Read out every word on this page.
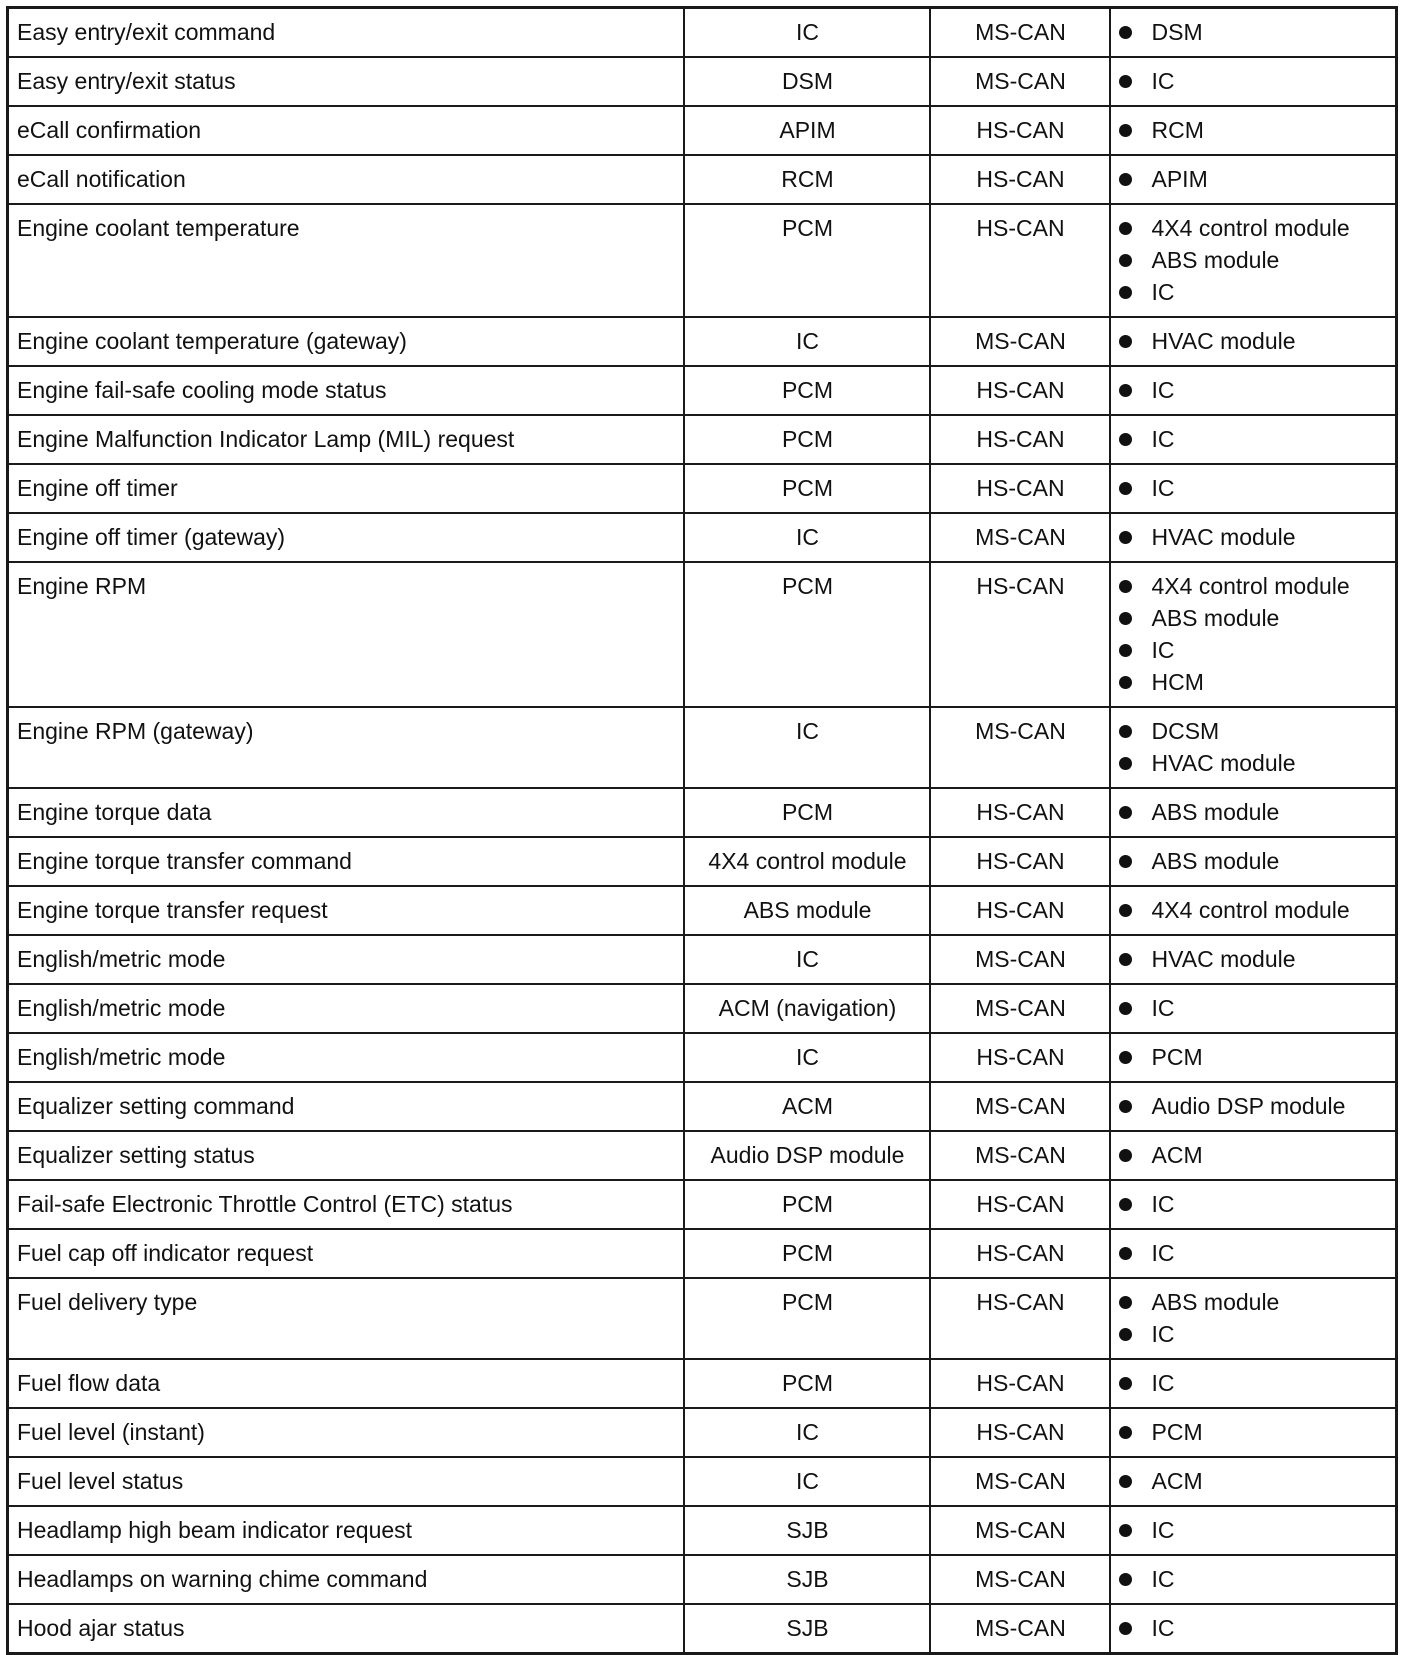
Easy entry/exit command	IC	MS-CAN	DSM

Easy entry/exit status	DSM	MS-CAN	IC

eCall confirmation	APIM	HS-CAN	RCM

eCall notification	RCM	HS-CAN	APIM

Engine coolant temperature	PCM	HS-CAN	4X4 control module
ABS module
IC

Engine coolant temperature (gateway)	IC	MS-CAN	HVAC module

Engine fail-safe cooling mode status	PCM	HS-CAN	IC

Engine Malfunction Indicator Lamp (MIL) request	PCM	HS-CAN	IC

Engine off timer	PCM	HS-CAN	IC

Engine off timer (gateway)	IC	MS-CAN	HVAC module

Engine RPM	PCM	HS-CAN	4X4 control module
ABS module
IC
HCM

Engine RPM (gateway)	IC	MS-CAN	DCSM
HVAC module

Engine torque data	PCM	HS-CAN	ABS module

Engine torque transfer command	4X4 control module	HS-CAN	ABS module

Engine torque transfer request	ABS module	HS-CAN	4X4 control module

English/metric mode	IC	MS-CAN	HVAC module

English/metric mode	ACM (navigation)	MS-CAN	IC

English/metric mode	IC	HS-CAN	PCM

Equalizer setting command	ACM	MS-CAN	Audio DSP module

Equalizer setting status	Audio DSP module	MS-CAN	ACM

Fail-safe Electronic Throttle Control (ETC) status	PCM	HS-CAN	IC

Fuel cap off indicator request	PCM	HS-CAN	IC

Fuel delivery type	PCM	HS-CAN	ABS module
IC

Fuel flow data	PCM	HS-CAN	IC

Fuel level (instant)	IC	HS-CAN	PCM

Fuel level status	IC	MS-CAN	ACM

Headlamp high beam indicator request	SJB	MS-CAN	IC

Headlamps on warning chime command	SJB	MS-CAN	IC

Hood ajar status	SJB	MS-CAN	IC
